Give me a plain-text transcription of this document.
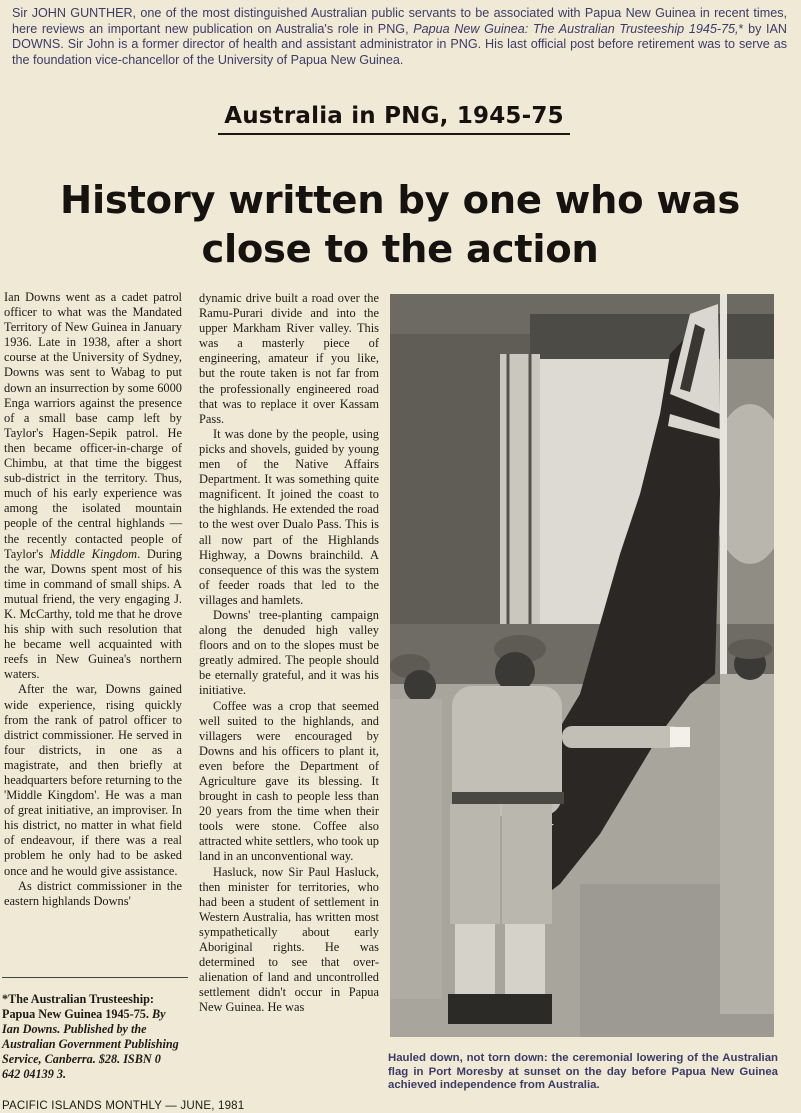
Sir JOHN GUNTHER, one of the most distinguished Australian public servants to be associated with Papua New Guinea in recent times, here reviews an important new publication on Australia's role in PNG, Papua New Guinea: The Australian Trusteeship 1945-75,* by IAN DOWNS. Sir John is a former director of health and assistant administrator in PNG. His last official post before retirement was to serve as the foundation vice-chancellor of the University of Papua New Guinea.
Australia in PNG, 1945-75
History written by one who was
close to the action

Ian Downs went as a cadet patrol officer to what was the Mandated Territory of New Guinea in January 1936. Late in 1938, after a short course at the University of Sydney, Downs was sent to Wabag to put down an insurrection by some 6000 Enga warriors against the presence of a small base camp left by Taylor's Hagen-Sepik patrol. He then became officer-in-charge of Chimbu, at that time the biggest sub-district in the territory. Thus, much of his early experience was among the isolated mountain people of the central highlands — the recently contacted people of Taylor's Middle Kingdom. During the war, Downs spent most of his time in command of small ships. A mutual friend, the very engaging J. K. McCarthy, told me that he drove his ship with such resolution that he became well acquainted with reefs in New Guinea's northern waters.

After the war, Downs gained wide experience, rising quickly from the rank of patrol officer to district commissioner. He served in four districts, in one as a magistrate, and then briefly at headquarters before returning to the 'Middle Kingdom'. He was a man of great initiative, an improviser. In his district, no matter in what field of endeavour, if there was a real problem he only had to be asked once and he would give assistance.

As district commissioner in the eastern highlands Downs'

*The Australian Trusteeship: Papua New Guinea 1945-75. By Ian Downs. Published by the Australian Government Publishing Service, Canberra. $28. ISBN 0 642 04139 3.

dynamic drive built a road over the Ramu-Purari divide and into the upper Markham River valley. This was a masterly piece of engineering, amateur if you like, but the route taken is not far from the professionally engineered road that was to replace it over Kassam Pass.

It was done by the people, using picks and shovels, guided by young men of the Native Affairs Department. It was something quite magnificent. It joined the coast to the highlands. He extended the road to the west over Dualo Pass. This is all now part of the Highlands Highway, a Downs brainchild. A consequence of this was the system of feeder roads that led to the villages and hamlets.

Downs' tree-planting campaign along the denuded high valley floors and on to the slopes must be greatly admired. The people should be eternally grateful, and it was his initiative.

Coffee was a crop that seemed well suited to the highlands, and villagers were encouraged by Downs and his officers to plant it, even before the Department of Agriculture gave its blessing. It brought in cash to people less than 20 years from the time when their tools were stone. Coffee also attracted white settlers, who took up land in an unconventional way.

Hasluck, now Sir Paul Hasluck, then minister for territories, who had been a student of settlement in Western Australia, has written most sympathetically about early Aboriginal rights. He was determined to see that over-alienation of land and uncontrolled settlement didn't occur in Papua New Guinea. He was

Hauled down, not torn down: the ceremonial lowering of the Australian flag in Port Moresby at sunset on the day before Papua New Guinea achieved independence from Australia.
PACIFIC ISLANDS MONTHLY — JUNE, 1981
